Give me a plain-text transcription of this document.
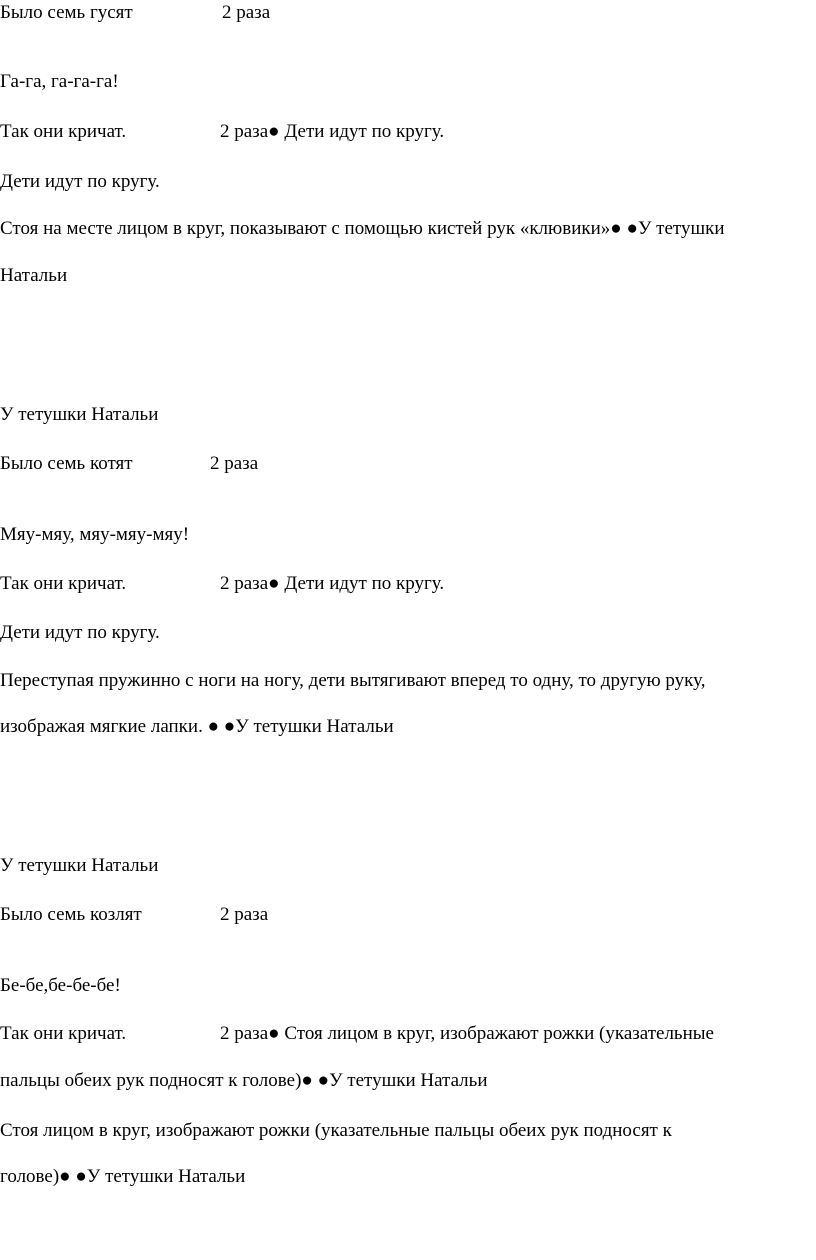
Было семь гусят	2 раза
Га-га, га-га-га!
Так они кричат.	2 раза● Дети идут по кругу.
Дети идут по кругу.
Стоя на месте лицом в круг, показывают с помощью кистей рук «клювики»● ●У тетушки
Натальи
У тетушки Натальи
Было семь котят	2 раза
Мяу-мяу, мяу-мяу-мяу!
Так они кричат.	2 раза● Дети идут по кругу.
Дети идут по кругу.
Переступая пружинно с ноги на ногу, дети вытягивают вперед то одну, то другую руку,
изображая мягкие лапки. ● ●У тетушки Натальи
У тетушки Натальи
Было семь козлят	2 раза
Бе-бе,бе-бе-бе!
Так они кричат.	2 раза● Стоя лицом в круг, изображают рожки (указательные
пальцы обеих рук подносят к голове)● ●У тетушки Натальи
Стоя лицом в круг, изображают рожки (указательные пальцы обеих рук подносят к
голове)● ●У тетушки Натальи
